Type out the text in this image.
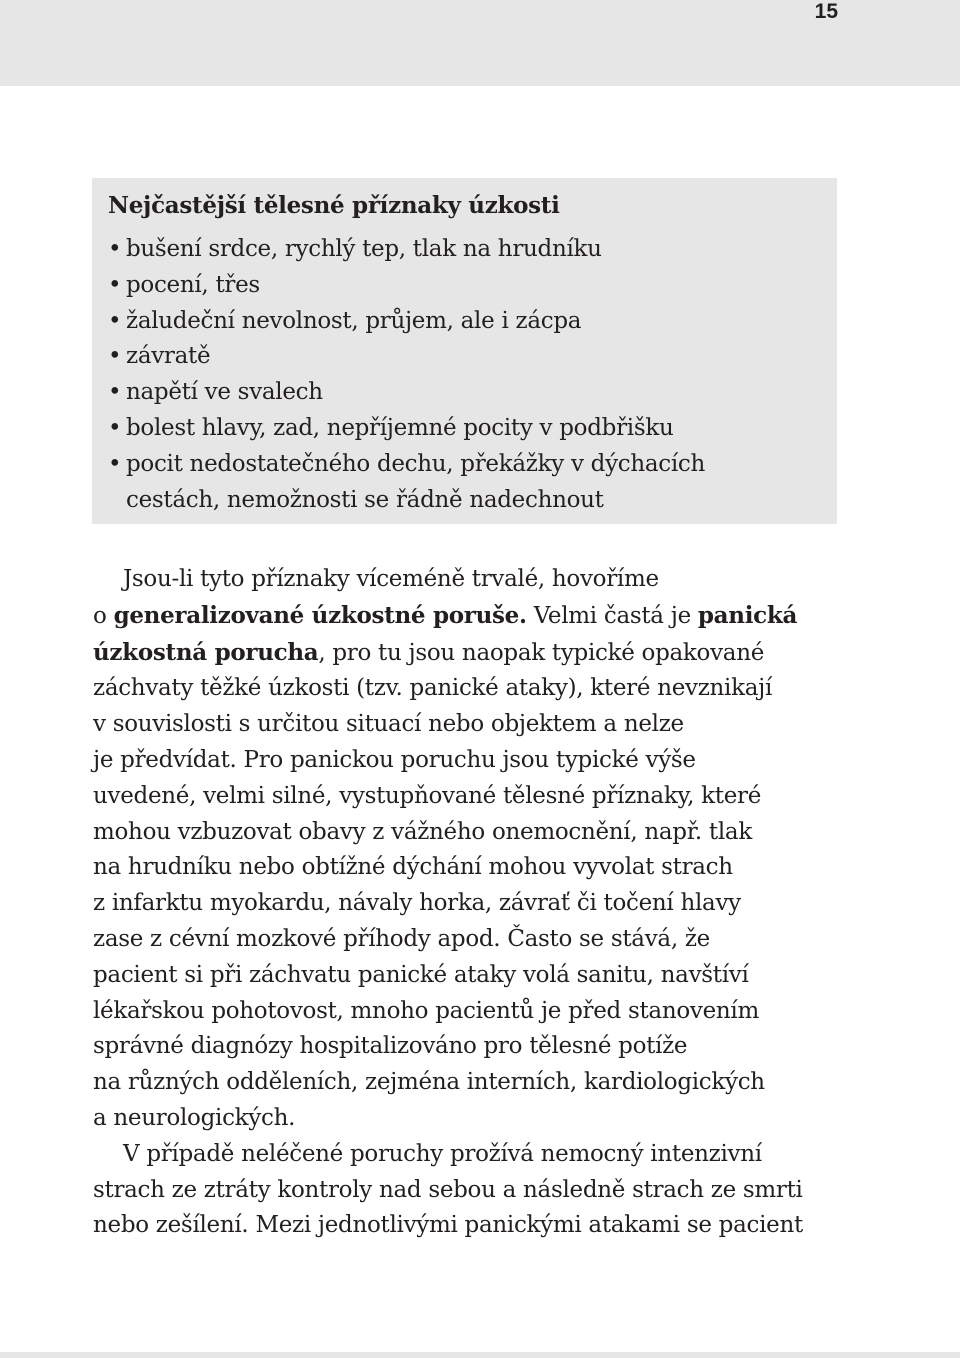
15
Nejčastější tělesné příznaky úzkosti
• bušení srdce, rychlý tep, tlak na hrudníku
• pocení, třes
• žaludeční nevolnost, průjem, ale i zácpa
• závratě
• napětí ve svalech
• bolest hlavy, zad, nepříjemné pocity v podbřišku
• pocit nedostatečného dechu, překážky v dýchacích
cestách, nemožnosti se řádně nadechnout

Jsou-li tyto příznaky víceméně trvalé, hovoříme
o generalizované úzkostné poruše. Velmi častá je panická
úzkostná porucha, pro tu jsou naopak typické opakované
záchvaty těžké úzkosti (tzv. panické ataky), které nevznikají
v souvislosti s určitou situací nebo objektem a nelze
je předvídat. Pro panickou poruchu jsou typické výše
uvedené, velmi silné, vystupňované tělesné příznaky, které
mohou vzbuzovat obavy z vážného onemocnění, např. tlak
na hrudníku nebo obtížné dýchání mohou vyvolat strach
z infarktu myokardu, návaly horka, závrať či točení hlavy
zase z cévní mozkové příhody apod. Často se stává, že
pacient si při záchvatu panické ataky volá sanitu, navštíví
lékařskou pohotovost, mnoho pacientů je před stanovením
správné diagnózy hospitalizováno pro tělesné potíže
na různých odděleních, zejména interních, kardiologických
a neurologických.

V případě neléčené poruchy prožívá nemocný intenzivní
strach ze ztráty kontroly nad sebou a následně strach ze smrti
nebo zešílení. Mezi jednotlivými panickými atakami se pacient
